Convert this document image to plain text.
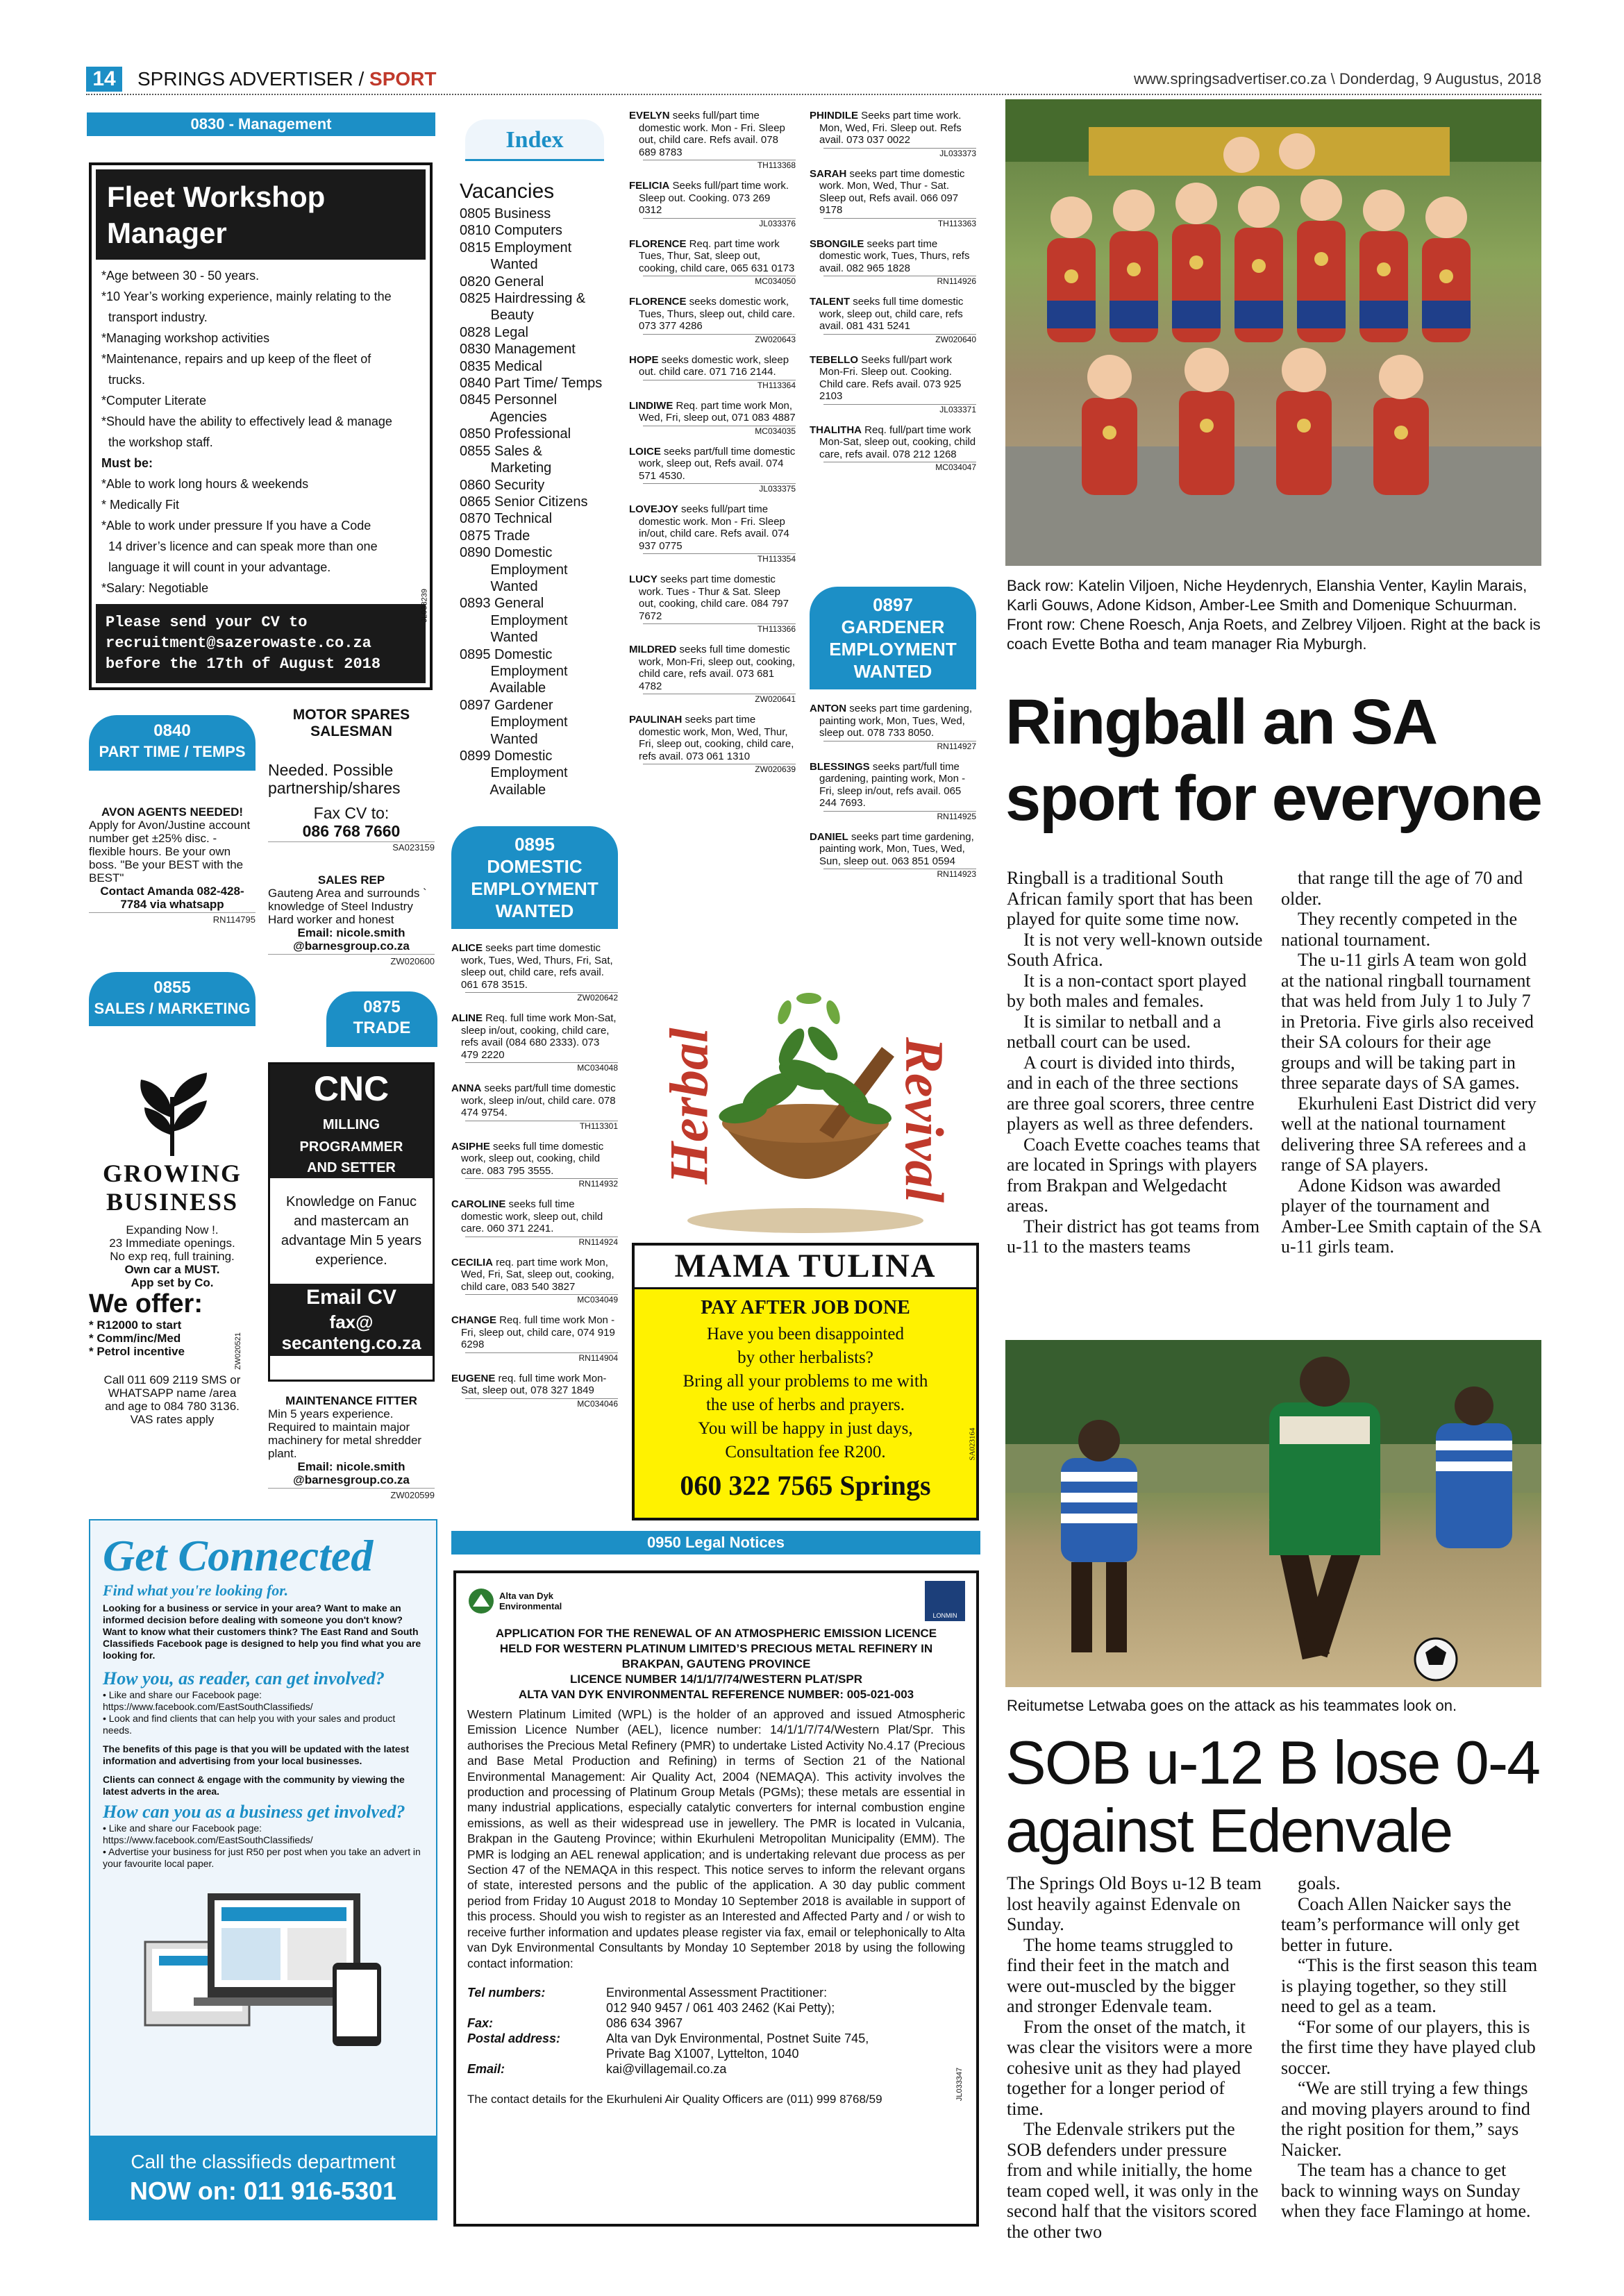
14	SPRINGS ADVERTISER / SPORT	www.springsadvertiser.co.za \ Donderdag, 9 Augustus, 2018
0830 - Management
Fleet Workshop
Manager
*Age between 30 - 50 years.
*10 Year’s working experience, mainly relating to the
transport industry.
*Managing workshop activities
*Maintenance, repairs and up keep of the fleet of
trucks.
*Computer Literate
*Should have the ability to effectively lead & manage
the workshop staff.
Must be:
*Able to work long hours & weekends
* Medically Fit
*Able to work under pressure If you have a Code
14 driver’s licence and can speak more than one
language it will count in your advantage.
*Salary: Negotiable
Please send your CV to
recruitment@sazerowaste.co.za
before the 17th of August 2018
JL033239
0840
PART TIME / TEMPS
AVON AGENTS NEEDED!
Apply for Avon/Justine account number get ±25% disc. - flexible hours. Be your own boss. "Be your BEST with the BEST"
Contact Amanda 082-428-7784 via whatsapp
RN114795
0855
SALES / MARKETING
GROWING
BUSINESS
Expanding Now !.
23 Immediate openings.
No exp req, full training.
Own car a MUST.
App set by Co.
We offer:
* R12000 to start
* Comm/inc/Med
* Petrol incentive
Call 011 609 2119 SMS or WHATSAPP name /area and age to 084 780 3136. VAS rates apply
ZW020521
MOTOR SPARES SALESMAN
Needed. Possible partnership/shares
Fax CV to:
086 768 7660
SA023159
SALES REP
Gauteng Area and surrounds ` knowledge of Steel Industry Hard worker and honest
Email: nicole.smith @barnesgroup.co.za
ZW020600
0875
TRADE
CNC
MILLING
PROGRAMMER
AND SETTER
Knowledge on Fanuc and mastercam an advantage Min 5 years experience.
Email CV
fax@ secanteng.co.za
MAINTENANCE FITTER
Min 5 years experience. Required to maintain major machinery for metal shredder plant.
Email: nicole.smith @barnesgroup.co.za
ZW020599
Get Connected
Find what you're looking for.
Looking for a business or service in your area? Want to make an informed decision before dealing with someone you don't know? Want to know what their customers think? The East Rand and South Classifieds Facebook page is designed to help you find what you are looking for.
How you, as reader, can get involved?
• Like and share our Facebook page: https://www.facebook.com/EastSouthClassifieds/
• Look and find clients that can help you with your sales and product needs.
The benefits of this page is that you will be updated with the latest information and advertising from your local businesses.
Clients can connect & engage with the community by viewing the latest adverts in the area.
How can you as a business get involved?
• Like and share our Facebook page: https://www.facebook.com/EastSouthClassifieds/
• Advertise your business for just R50 per post when you take an advert in your favourite local paper.
Call the classifieds department
NOW on: 011 916-5301
Index
Vacancies
0805 Business
0810 Computers
0815 Employment
Wanted
0820 General
0825 Hairdressing &
Beauty
0828 Legal
0830 Management
0835 Medical
0840 Part Time/ Temps
0845 Personnel
Agencies
0850 Professional
0855 Sales &
Marketing
0860 Security
0865 Senior Citizens
0870 Technical
0875 Trade
0890 Domestic
Employment
Wanted
0893 General
Employment
Wanted
0895 Domestic
Employment
Available
0897 Gardener
Employment
Wanted
0899 Domestic
Employment
Available
0895
DOMESTIC
EMPLOYMENT
WANTED
ALICE seeks part time domestic work, Tues, Wed, Thurs, Fri, Sat, sleep out, child care, refs avail. 061 678 3515.
ZW020642
ALINE Req. full time work Mon-Sat, sleep in/out, cooking, child care, refs avail (084 680 2333). 073 479 2220
MC034048
ANNA seeks part/full time domestic work, sleep in/out, child care. 078 474 9754.
TH113301
ASIPHE seeks full time domestic work, sleep out, cooking, child care. 083 795 3555.
RN114932
CAROLINE seeks full time domestic work, sleep out, child care. 060 371 2241.
RN114924
CECILIA req. part time work Mon, Wed, Fri, Sat, sleep out, cooking, child care, 083 540 3827
MC034049
CHANGE Req. full time work Mon - Fri, sleep out, child care, 074 919 6298
RN114904
EUGENE req. full time work Mon-Sat, sleep out, 078 327 1849
MC034046
EVELYN seeks full/part time domestic work. Mon - Fri. Sleep out, child care. Refs avail. 078 689 8783
TH113368
FELICIA Seeks full/part time work. Sleep out. Cooking. 073 269 0312
JL033376
FLORENCE Req. part time work Tues, Thur, Sat, sleep out, cooking, child care, 065 631 0173
MC034050
FLORENCE seeks domestic work, Tues, Thurs, sleep out, child care. 073 377 4286
ZW020643
HOPE seeks domestic work, sleep out. child care. 071 716 2144.
TH113364
LINDIWE Req. part time work Mon, Wed, Fri, sleep out, 071 083 4887
MC034035
LOICE seeks part/full time domestic work, sleep out, Refs avail. 074 571 4530.
JL033375
LOVEJOY seeks full/part time domestic work. Mon - Fri. Sleep in/out, child care. Refs avail. 074 937 0775
TH113354
LUCY seeks part time domestic work. Tues - Thur & Sat. Sleep out, cooking, child care. 084 797 7672
TH113366
MILDRED seeks full time domestic work, Mon-Fri, sleep out, cooking, child care, refs avail. 073 681 4782
ZW020641
PAULINAH seeks part time domestic work, Mon, Wed, Thur, Fri, sleep out, cooking, child care, refs avail. 073 061 1310
ZW020639
Herbal	Revival
MAMA TULINA
PAY AFTER JOB DONE
Have you been disappointed
by other herbalists?
Bring all your problems to me with
the use of herbs and prayers.
You will be happy in just days,
Consultation fee R200.
060 322 7565 Springs
SA023164
PHINDILE Seeks part time work. Mon, Wed, Fri. Sleep out. Refs avail. 073 037 0022
JL033373
SARAH seeks part time domestic work. Mon, Wed, Thur - Sat. Sleep out, Refs avail. 066 097 9178
TH113363
SBONGILE seeks part time domestic work, Tues, Thurs, refs avail. 082 965 1828
RN114926
TALENT seeks full time domestic work, sleep out, child care, refs avail. 081 431 5241
ZW020640
TEBELLO Seeks full/part work Mon-Fri. Sleep out. Cooking. Child care. Refs avail. 073 925 2103
JL033371
THALITHA Req. full/part time work Mon-Sat, sleep out, cooking, child care, refs avail. 078 212 1268
MC034047
0897
GARDENER
EMPLOYMENT
WANTED
ANTON seeks part time gardening, painting work, Mon, Tues, Wed, sleep out. 078 733 8050.
RN114927
BLESSINGS seeks part/full time gardening, painting work, Mon - Fri, sleep in/out, refs avail. 065 244 7693.
RN114925
DANIEL seeks part time gardening, painting work, Mon, Tues, Wed, Sun, sleep out. 063 851 0594
RN114923
0950 Legal Notices
Alta van Dyk
Environmental
LONMIN
APPLICATION FOR THE RENEWAL OF AN ATMOSPHERIC EMISSION LICENCE
HELD FOR WESTERN PLATINUM LIMITED’S PRECIOUS METAL REFINERY IN
BRAKPAN, GAUTENG PROVINCE
LICENCE NUMBER 14/1/1/7/74/WESTERN PLAT/SPR
ALTA VAN DYK ENVIRONMENTAL REFERENCE NUMBER: 005-021-003
Western Platinum Limited (WPL) is the holder of an approved and issued Atmospheric Emission Licence Number (AEL), licence number: 14/1/1/7/74/Western Plat/Spr. This authorises the Precious Metal Refinery (PMR) to undertake Listed Activity No.4.17 (Precious and Base Metal Production and Refining) in terms of Section 21 of the National Environmental Management: Air Quality Act, 2004 (NEMAQA). This activity involves the production and processing of Platinum Group Metals (PGMs); these metals are essential in many industrial applications, especially catalytic converters for internal combustion engine emissions, as well as their widespread use in jewellery. The PMR is located in Vulcania, Brakpan in the Gauteng Province; within Ekurhuleni Metropolitan Municipality (EMM). The PMR is lodging an AEL renewal application; and is undertaking relevant due process as per Section 47 of the NEMAQA in this respect. This notice serves to inform the relevant organs of state, interested persons and the public of the application. A 30 day public comment period from Friday 10 August 2018 to Monday 10 September 2018 is available in support of this process. Should you wish to register as an Interested and Affected Party and / or wish to receive further information and updates please register via fax, email or telephonically to Alta van Dyk Environmental Consultants by Monday 10 September 2018 by using the following contact information:
Tel numbers:	Environmental Assessment Practitioner:
	012 940 9457 / 061 403 2462 (Kai Petty);
Fax:	086 634 3967
Postal address:	Alta van Dyk Environmental, Postnet Suite 745,
	Private Bag X1007, Lyttelton, 1040
Email:	kai@villagemail.co.za
The contact details for the Ekurhuleni Air Quality Officers are (011) 999 8768/59	JL033347
Back row: Katelin Viljoen, Niche Heydenrych, Elanshia Venter, Kaylin Marais, Karli Gouws, Adone Kidson, Amber-Lee Smith and Domenique Schuurman. Front row: Chene Roesch, Anja Roets, and Zelbrey Viljoen. Right at the back is coach Evette Botha and team manager Ria Myburgh.
Ringball an SA
sport for everyone

Ringball is a traditional South African family sport that has been played for quite some time now.

It is not very well-known outside South Africa.

It is a non-contact sport played by both males and females.

It is similar to netball and a netball court can be used.

A court is divided into thirds, and in each of the three sections are three goal scorers, three centre players as well as three defenders.

Coach Evette coaches teams that are located in Springs with players from Brakpan and Welgedacht areas.

Their district has got teams from u-11 to the masters teams

that range till the age of 70 and older.

They recently competed in the national tournament.

The u-11 girls A team won gold at the national ringball tournament that was held from July 1 to July 7 in Pretoria. Five girls also received their SA colours for their age groups and will be taking part in three separate days of SA games.

Ekurhuleni East District did very well at the national tournament delivering three SA referees and a range of SA players.

Adone Kidson was awarded player of the tournament and Amber-Lee Smith captain of the SA u-11 girls team.

Reitumetse Letwaba goes on the attack as his teammates look on.
SOB u-12 B lose 0-4
against Edenvale

The Springs Old Boys u-12 B team lost heavily against Edenvale on Sunday.

The home teams struggled to find their feet in the match and were out-muscled by the bigger and stronger Edenvale team.

From the onset of the match, it was clear the visitors were a more cohesive unit as they had played together for a longer period of time.

The Edenvale strikers put the SOB defenders under pressure from and while initially, the home team coped well, it was only in the second half that the visitors scored the other two

goals.

Coach Allen Naicker says the team’s performance will only get better in future.

“This is the first season this team is playing together, so they still need to gel as a team.

“For some of our players, this is the first time they have played club soccer.

“We are still trying a few things and moving players around to find the right position for them,” says Naicker.

The team has a chance to get back to winning ways on Sunday when they face Flamingo at home.
